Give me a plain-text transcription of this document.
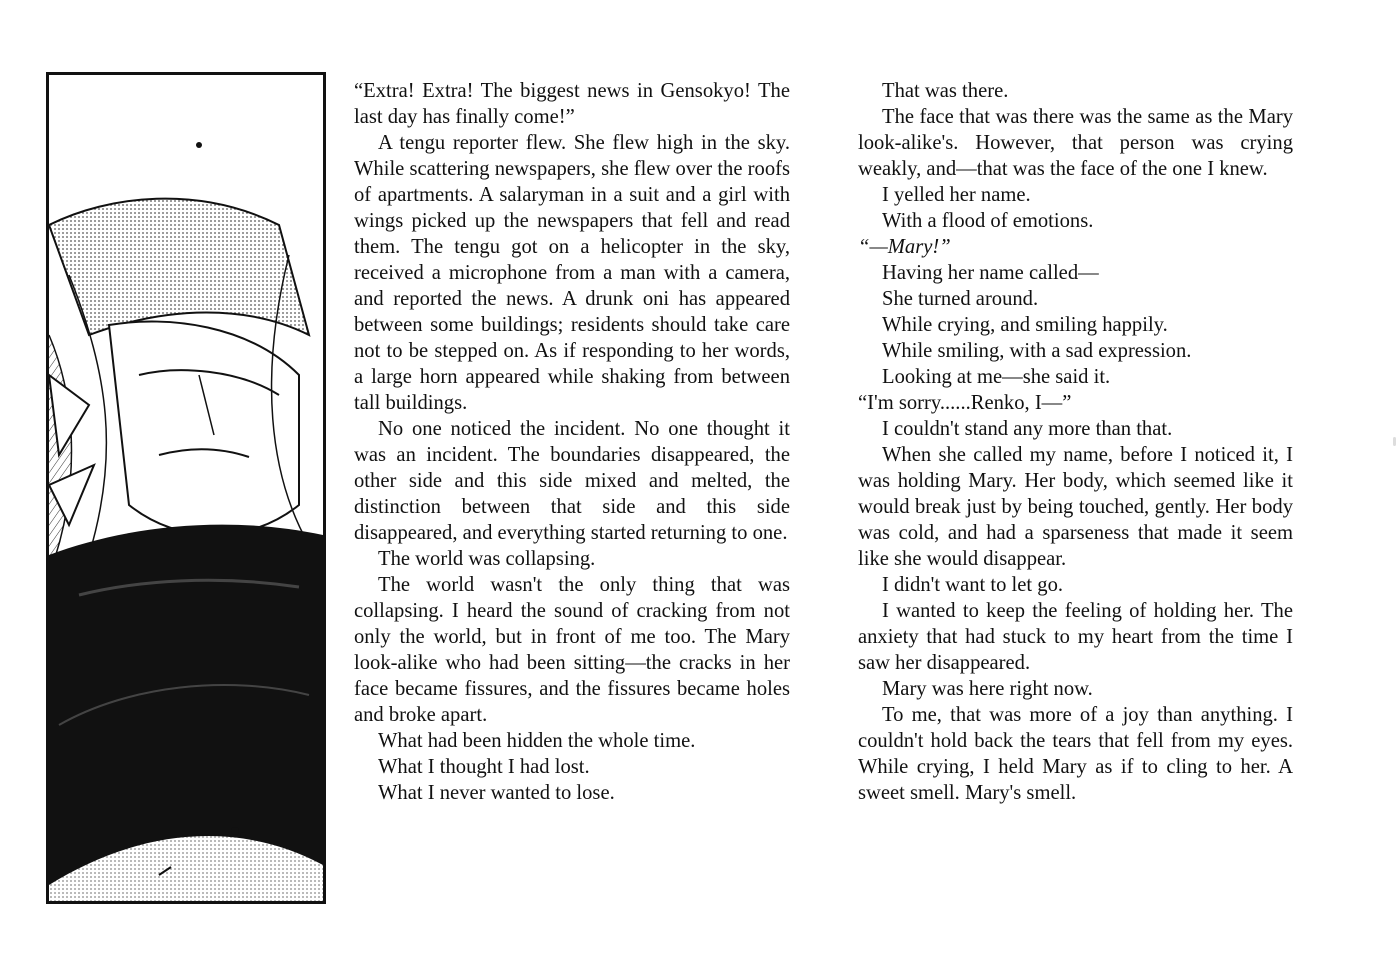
“Extra! Extra! The biggest news in Gensokyo! The last day has finally come!”

A tengu reporter flew. She flew high in the sky. While scattering newspapers, she flew over the roofs of apartments. A salaryman in a suit and a girl with wings picked up the newspapers that fell and read them. The tengu got on a helicopter in the sky, received a microphone from a man with a camera, and reported the news. A drunk oni has appeared between some buildings; residents should take care not to be stepped on. As if responding to her words, a large horn appeared while shaking from between tall buildings.

No one noticed the incident. No one thought it was an incident. The boundaries disappeared, the other side and this side mixed and melted, the distinction between that side and this side disappeared, and everything started returning to one.

The world was collapsing.

The world wasn't the only thing that was collapsing. I heard the sound of cracking from not only the world, but in front of me too. The Mary look-alike who had been sitting—the cracks in her face became fissures, and the fissures became holes and broke apart.

What had been hidden the whole time.

What I thought I had lost.

What I never wanted to lose.

That was there.

The face that was there was the same as the Mary look-alike's. However, that person was crying weakly, and—that was the face of the one I knew.

I yelled her name.

With a flood of emotions.

“—Mary!”

Having her name called—

She turned around.

While crying, and smiling happily.

While smiling, with a sad expression.

Looking at me—she said it.

“I'm sorry......Renko, I—”

I couldn't stand any more than that.

When she called my name, before I noticed it, I was holding Mary. Her body, which seemed like it would break just by being touched, gently. Her body was cold, and had a sparseness that made it seem like she would disappear.

I didn't want to let go.

I wanted to keep the feeling of holding her. The anxiety that had stuck to my heart from the time I saw her disappeared.

Mary was here right now.

To me, that was more of a joy than anything. I couldn't hold back the tears that fell from my eyes. While crying, I held Mary as if to cling to her. A sweet smell. Mary's smell.
